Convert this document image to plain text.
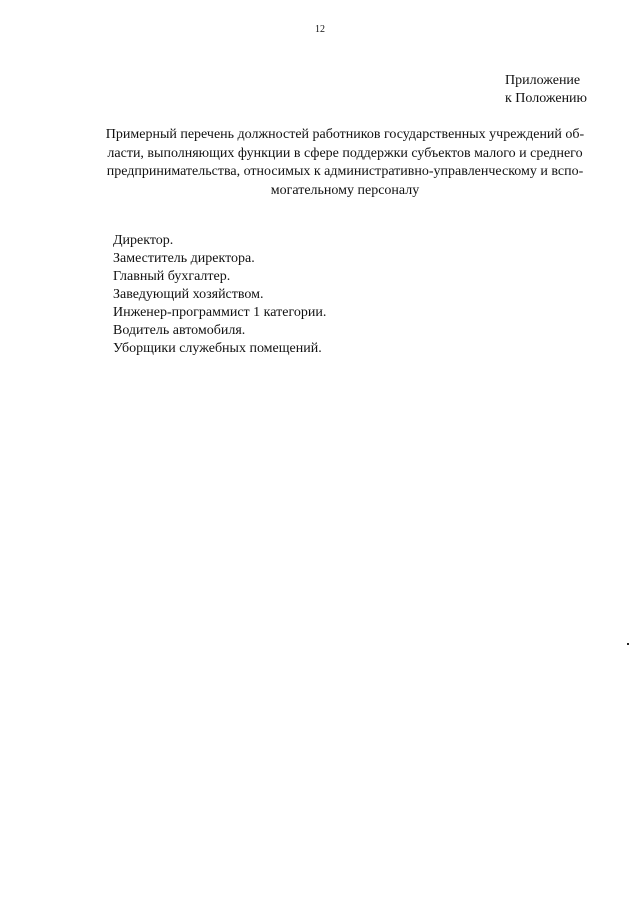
12
Приложение
к Положению
Примерный перечень должностей работников государственных учреждений об-
ласти, выполняющих функции в сфере поддержки субъектов малого и среднего
предпринимательства, относимых к административно-управленческому и вспо-
могательному персоналу
Директор.
Заместитель директора.
Главный бухгалтер.
Заведующий хозяйством.
Инженер-программист 1 категории.
Водитель автомобиля.
Уборщики служебных помещений.
